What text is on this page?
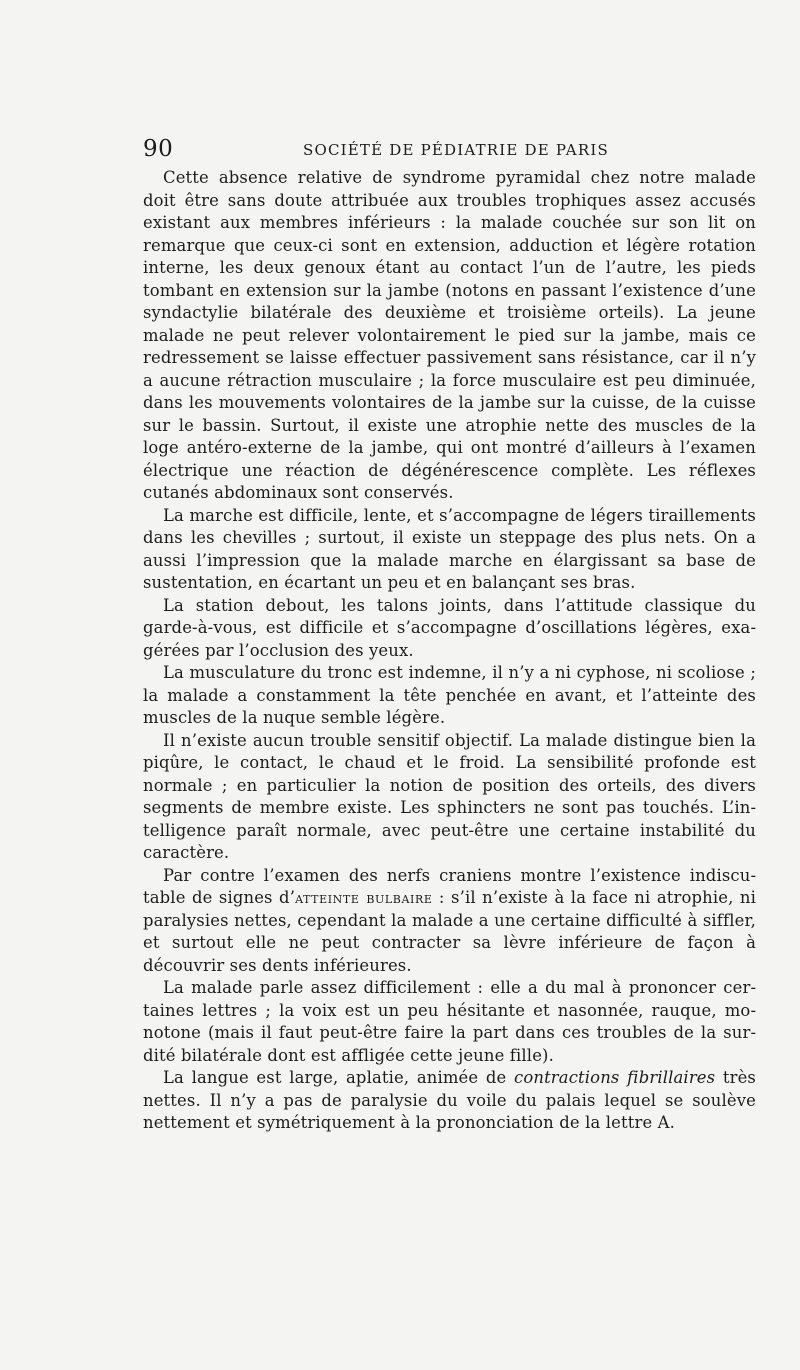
90	SOCIÉTÉ DE PÉDIATRIE DE PARIS

Cette absence relative de syndrome pyramidal chez notre malade doit être sans doute attribuée aux troubles trophiques assez accusés existant aux membres inférieurs : la malade couchée sur son lit on remarque que ceux-ci sont en extension, adduction et légère rotation interne, les deux genoux étant au contact l’un de l’autre, les pieds tombant en extension sur la jambe (notons en passant l’existence d’une syndactylie bilatérale des deuxième et troisième orteils). La jeune malade ne peut relever volontairement le pied sur la jambe, mais ce redressement se laisse effectuer passivement sans résistance, car il n’y a aucune rétraction musculaire ; la force musculaire est peu diminuée, dans les mouvements volontaires de la jambe sur la cuisse, de la cuisse sur le bassin. Surtout, il existe une atrophie nette des muscles de la loge antéro-externe de la jambe, qui ont montré d’ailleurs à l’examen électrique une réaction de dégénérescence complète. Les réflexes cutanés abdominaux sont conservés.

La marche est difficile, lente, et s’accompagne de légers tiraillements dans les chevilles ; surtout, il existe un steppage des plus nets. On a aussi l’impression que la malade marche en élargissant sa base de sustentation, en écartant un peu et en balançant ses bras.

La station debout, les talons joints, dans l’attitude classique du garde-à-vous, est difficile et s’accompagne d’oscillations légères, exagérées par l’occlusion des yeux.

La musculature du tronc est indemne, il n’y a ni cyphose, ni scoliose ; la malade a constamment la tête penchée en avant, et l’atteinte des muscles de la nuque semble légère.

Il n’existe aucun trouble sensitif objectif. La malade distingue bien la piqûre, le contact, le chaud et le froid. La sensibilité profonde est normale ; en particulier la notion de position des orteils, des divers segments de membre existe. Les sphincters ne sont pas touchés. L’intelligence paraît normale, avec peut-être une certaine instabilité du caractère.

Par contre l’examen des nerfs craniens montre l’existence indiscutable de signes d’atteinte bulbaire : s’il n’existe à la face ni atrophie, ni paralysies nettes, cependant la malade a une certaine difficulté à siffler, et surtout elle ne peut contracter sa lèvre inférieure de façon à découvrir ses dents inférieures.

La malade parle assez difficilement : elle a du mal à prononcer certaines lettres ; la voix est un peu hésitante et nasonnée, rauque, monotone (mais il faut peut-être faire la part dans ces troubles de la surdité bilatérale dont est affligée cette jeune fille).

La langue est large, aplatie, animée de contractions fibrillaires très nettes. Il n’y a pas de paralysie du voile du palais lequel se soulève nettement et symétriquement à la prononciation de la lettre A.
